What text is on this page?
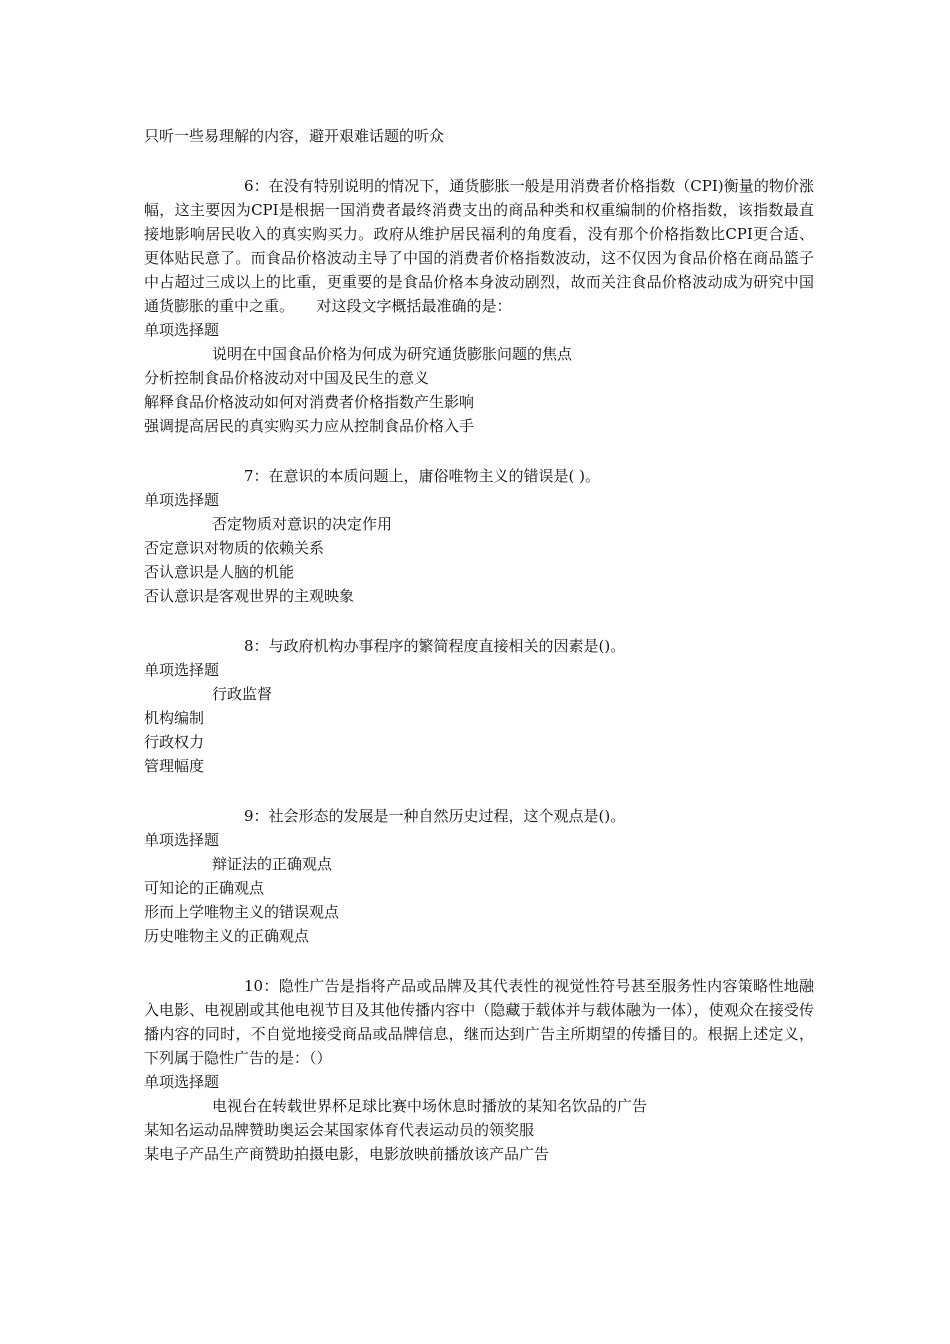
只听一些易理解的内容，避开艰难话题的听众
6：在没有特别说明的情况下，通货膨胀一般是用消费者价格指数（CPI)衡量的物价涨幅，这主要因为CPI是根据一国消费者最终消费支出的商品种类和权重编制的价格指数，该指数最直接地影响居民收入的真实购买力。政府从维护居民福利的角度看，没有那个价格指数比CPI更合适、更体贴民意了。而食品价格波动主导了中国的消费者价格指数波动，这不仅因为食品价格在商品篮子中占超过三成以上的比重，更重要的是食品价格本身波动剧烈，故而关注食品价格波动成为研究中国通货膨胀的重中之重。　　对这段文字概括最准确的是：
单项选择题
说明在中国食品价格为何成为研究通货膨胀问题的焦点
分析控制食品价格波动对中国及民生的意义
解释食品价格波动如何对消费者价格指数产生影响
强调提高居民的真实购买力应从控制食品价格入手
7：在意识的本质问题上，庸俗唯物主义的错误是( )。
单项选择题
否定物质对意识的决定作用
否定意识对物质的依赖关系
否认意识是人脑的机能
否认意识是客观世界的主观映象
8：与政府机构办事程序的繁简程度直接相关的因素是()。
单项选择题
行政监督
机构编制
行政权力
管理幅度
9：社会形态的发展是一种自然历史过程，这个观点是()。
单项选择题
辩证法的正确观点
可知论的正确观点
形而上学唯物主义的错误观点
历史唯物主义的正确观点
10：隐性广告是指将产品或品牌及其代表性的视觉性符号甚至服务性内容策略性地融入电影、电视剧或其他电视节目及其他传播内容中（隐藏于载体并与载体融为一体），使观众在接受传播内容的同时，不自觉地接受商品或品牌信息，继而达到广告主所期望的传播目的。根据上述定义，下列属于隐性广告的是：（）
单项选择题
电视台在转载世界杯足球比赛中场休息时播放的某知名饮品的广告
某知名运动品牌赞助奥运会某国家体育代表运动员的领奖服
某电子产品生产商赞助拍摄电影，电影放映前播放该产品广告
